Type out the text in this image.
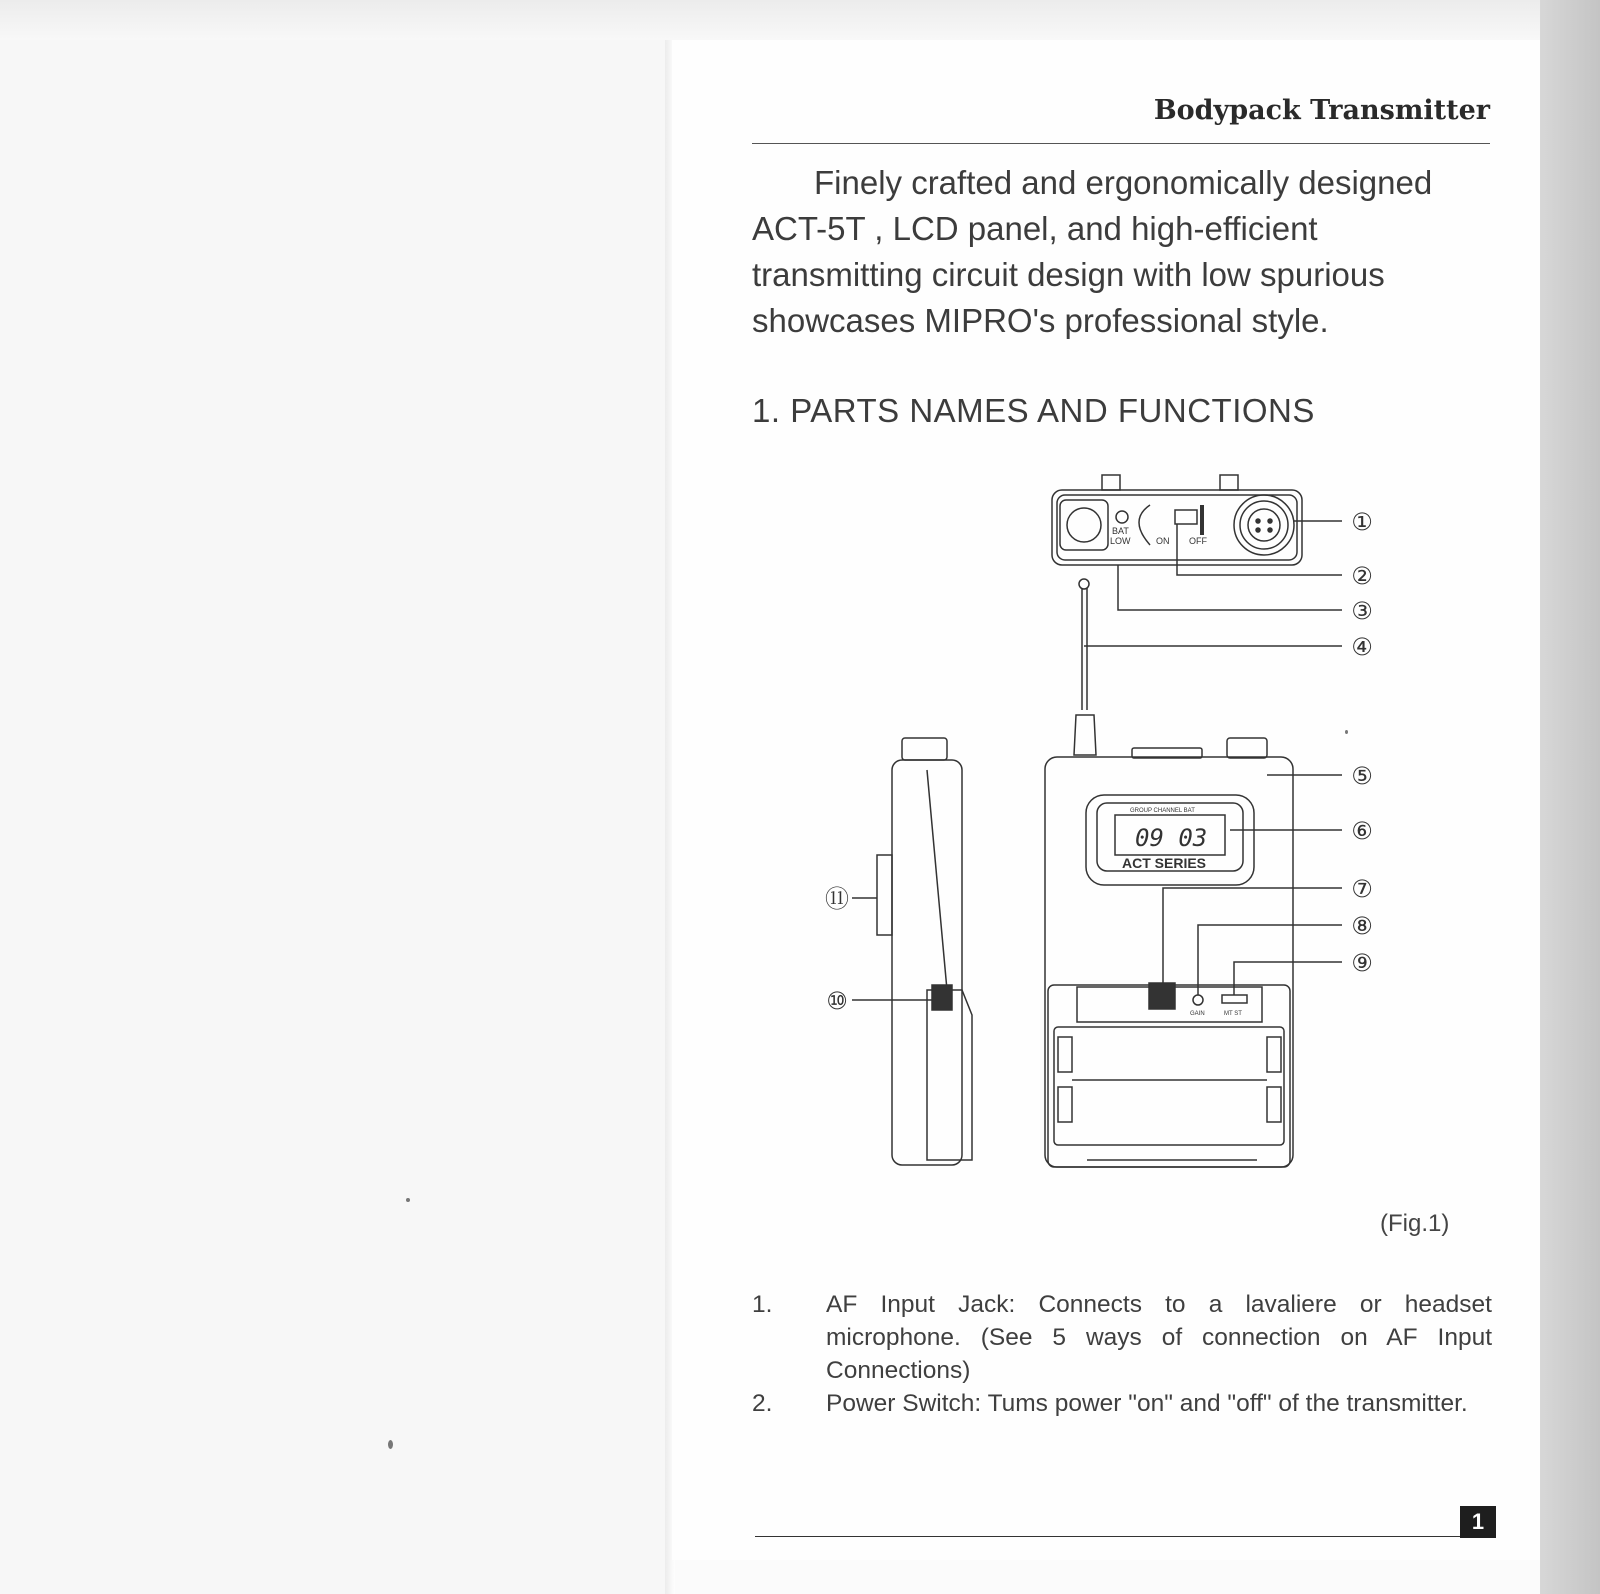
Bodypack Transmitter
Finely crafted and ergonomically designed
ACT-5T , LCD panel, and high-efficient
transmitting circuit design with low spurious
showcases MIPRO's professional style.
1. PARTS NAMES AND FUNCTIONS
BAT
LOW	ON OFF
GROUP CHANNEL BAT
GAIN	MT ST
09 03
ACT SERIES
①
②
③
④
⑤
⑥
⑦
⑧
⑨
⑩
⑪
(Fig.1)
1.	AF Input Jack: Connects to a lavaliere or headset microphone. (See 5 ways of connection on AF Input Connections)
2.	Power Switch: Tums power "on" and "off" of the transmitter.
1
